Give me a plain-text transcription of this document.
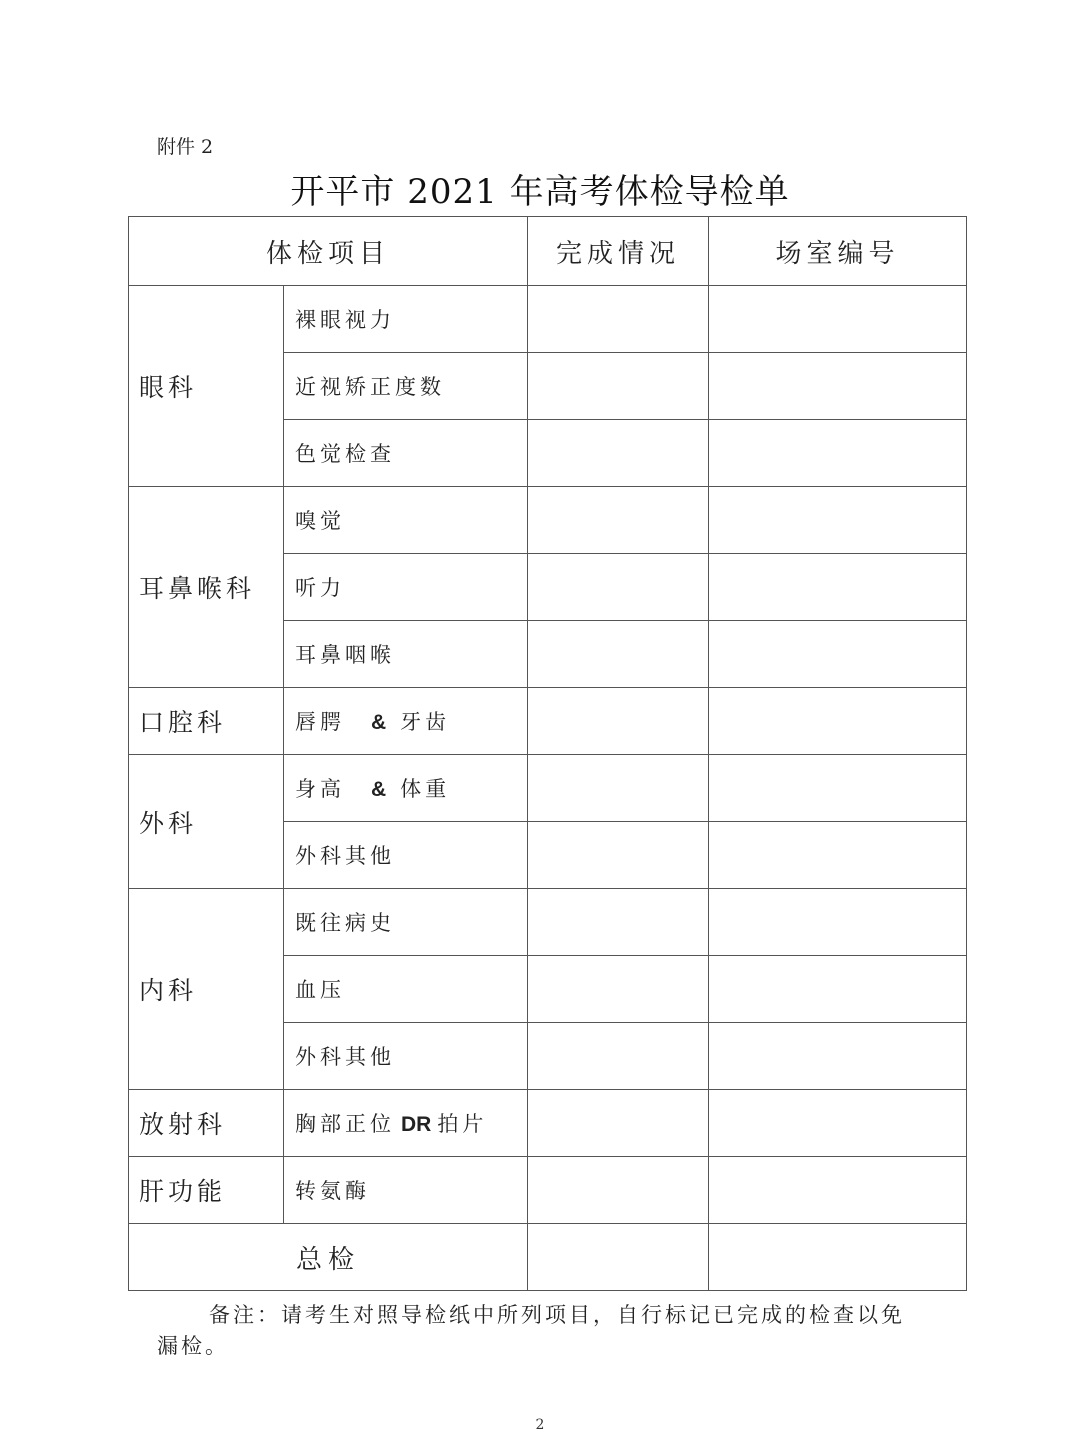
附件 2
开平市 2021 年高考体检导检单
体检项目		完成情况	场室编号
眼科	裸眼视力		
	近视矫正度数		
	色觉检查		
耳鼻喉科	嗅觉		
	听力		
	耳鼻咽喉		
口腔科	唇腭 & 牙齿		
外科	身高 & 体重		
	外科其他		
内科	既往病史		
	血压		
	外科其他		
放射科	胸部正位 DR 拍片		
肝功能	转氨酶		
总检			
备注：请考生对照导检纸中所列项目，自行标记已完成的检查以免漏检。
2
